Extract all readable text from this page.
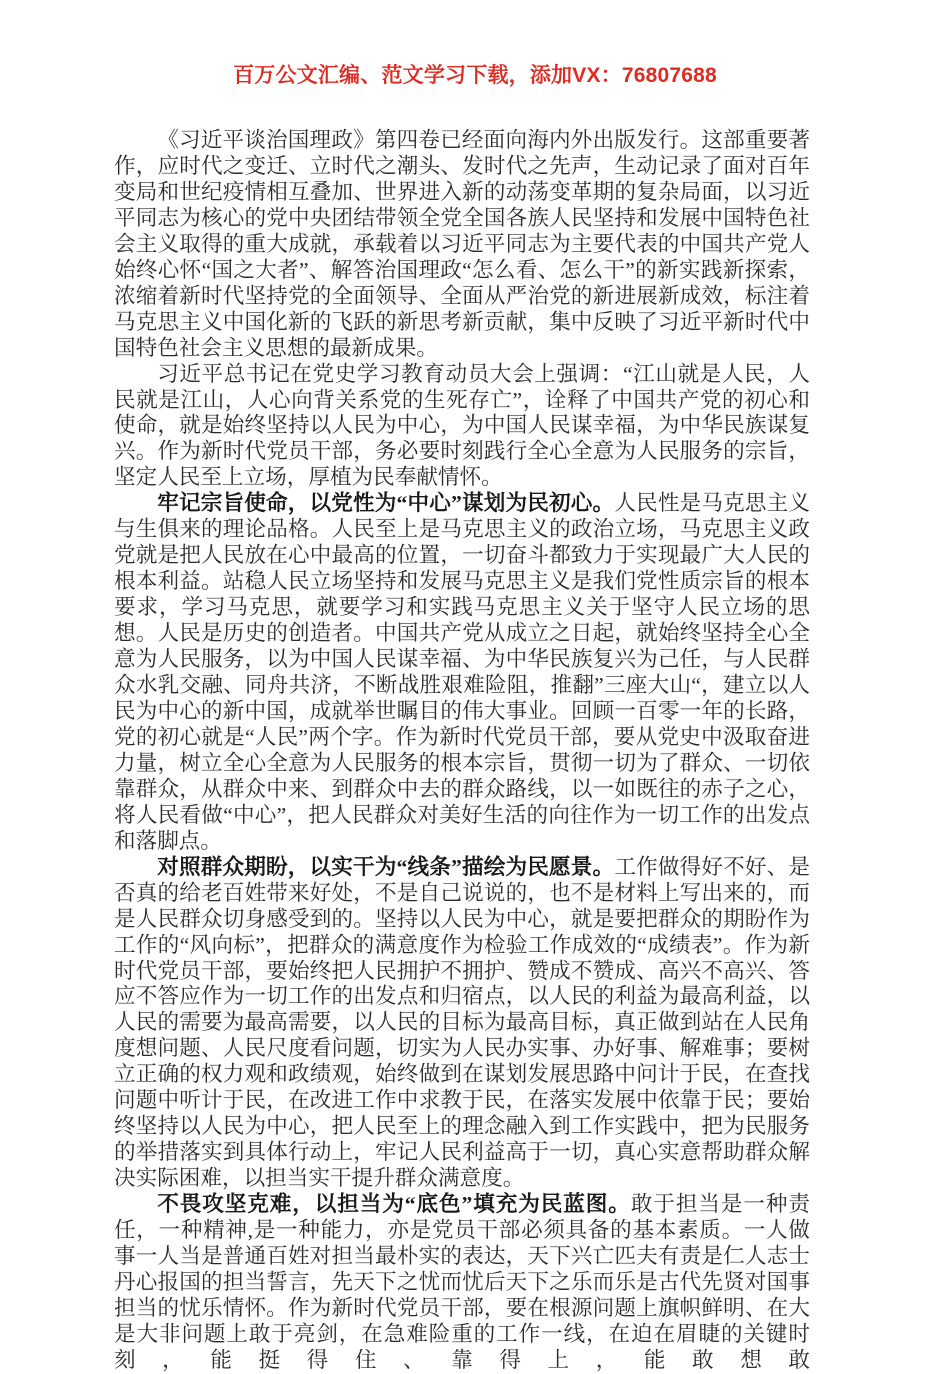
百万公文汇编、范文学习下载，添加VX：76807688

《习近平谈治国理政》第四卷已经面向海内外出版发行。这部重要著作，应时代之变迁、立时代之潮头、发时代之先声，生动记录了面对百年变局和世纪疫情相互叠加、世界进入新的动荡变革期的复杂局面，以习近平同志为核心的党中央团结带领全党全国各族人民坚持和发展中国特色社会主义取得的重大成就，承载着以习近平同志为主要代表的中国共产党人始终心怀“国之大者”、解答治国理政“怎么看、怎么干”的新实践新探索，浓缩着新时代坚持党的全面领导、全面从严治党的新进展新成效，标注着马克思主义中国化新的飞跃的新思考新贡献，集中反映了习近平新时代中国特色社会主义思想的最新成果。

习近平总书记在党史学习教育动员大会上强调：“江山就是人民，人民就是江山，人心向背关系党的生死存亡”，诠释了中国共产党的初心和使命，就是始终坚持以人民为中心，为中国人民谋幸福，为中华民族谋复兴。作为新时代党员干部，务必要时刻践行全心全意为人民服务的宗旨，坚定人民至上立场，厚植为民奉献情怀。

牢记宗旨使命，以党性为“中心”谋划为民初心。人民性是马克思主义与生俱来的理论品格。人民至上是马克思主义的政治立场，马克思主义政党就是把人民放在心中最高的位置，一切奋斗都致力于实现最广大人民的根本利益。站稳人民立场坚持和发展马克思主义是我们党性质宗旨的根本要求，学习马克思，就要学习和实践马克思主义关于坚守人民立场的思想。人民是历史的创造者。中国共产党从成立之日起，就始终坚持全心全意为人民服务，以为中国人民谋幸福、为中华民族复兴为己任，与人民群众水乳交融、同舟共济，不断战胜艰难险阻，推翻”三座大山“，建立以人民为中心的新中国，成就举世瞩目的伟大事业。回顾一百零一年的长路，党的初心就是“人民”两个字。作为新时代党员干部，要从党史中汲取奋进力量，树立全心全意为人民服务的根本宗旨，贯彻一切为了群众、一切依靠群众，从群众中来、到群众中去的群众路线，以一如既往的赤子之心，将人民看做“中心”，把人民群众对美好生活的向往作为一切工作的出发点和落脚点。

对照群众期盼，以实干为“线条”描绘为民愿景。工作做得好不好、是否真的给老百姓带来好处，不是自己说说的，也不是材料上写出来的，而是人民群众切身感受到的。坚持以人民为中心，就是要把群众的期盼作为工作的“风向标”，把群众的满意度作为检验工作成效的“成绩表”。作为新时代党员干部，要始终把人民拥护不拥护、赞成不赞成、高兴不高兴、答应不答应作为一切工作的出发点和归宿点，以人民的利益为最高利益，以人民的需要为最高需要，以人民的目标为最高目标，真正做到站在人民角度想问题、人民尺度看问题，切实为人民办实事、办好事、解难事；要树立正确的权力观和政绩观，始终做到在谋划发展思路中问计于民，在查找问题中听计于民，在改进工作中求教于民，在落实发展中依靠于民；要始终坚持以人民为中心，把人民至上的理念融入到工作实践中，把为民服务的举措落实到具体行动上，牢记人民利益高于一切，真心实意帮助群众解决实际困难，以担当实干提升群众满意度。

不畏攻坚克难，以担当为“底色”填充为民蓝图。敢于担当是一种责任，一种精神,是一种能力，亦是党员干部必须具备的基本素质。一人做事一人当是普通百姓对担当最朴实的表达，天下兴亡匹夫有责是仁人志士丹心报国的担当誓言，先天下之忧而忧后天下之乐而乐是古代先贤对国事担当的忧乐情怀。作为新时代党员干部，要在根源问题上旗帜鲜明、在大是大非问题上敢于亮剑，在急难险重的工作一线，在迫在眉睫的关键时刻，能挺得住、靠得上，能敢想敢
